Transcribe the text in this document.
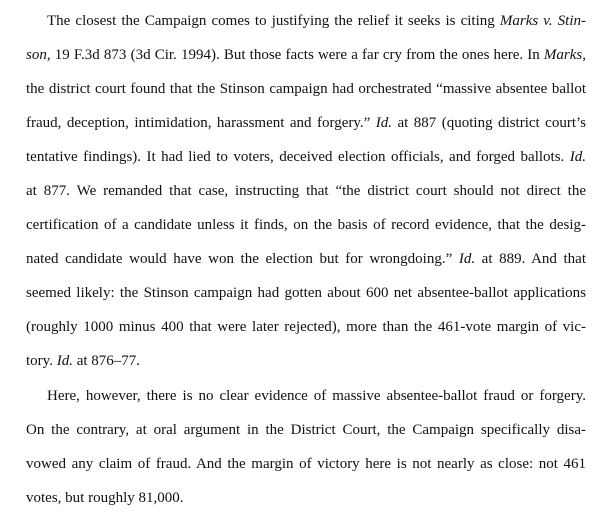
The closest the Campaign comes to justifying the relief it seeks is citing Marks v. Stin-
son, 19 F.3d 873 (3d Cir. 1994). But those facts were a far cry from the ones here. In Marks,
the district court found that the Stinson campaign had orchestrated “massive absentee ballot
fraud, deception, intimidation, harassment and forgery.” Id. at 887 (quoting district court’s
tentative findings). It had lied to voters, deceived election officials, and forged ballots. Id.
at 877. We remanded that case, instructing that “the district court should not direct the
certification of a candidate unless it finds, on the basis of record evidence, that the desig-
nated candidate would have won the election but for wrongdoing.” Id. at 889. And that
seemed likely: the Stinson campaign had gotten about 600 net absentee-ballot applications
(roughly 1000 minus 400 that were later rejected), more than the 461-vote margin of vic-
tory. Id. at 876–77.
Here, however, there is no clear evidence of massive absentee-ballot fraud or forgery.
On the contrary, at oral argument in the District Court, the Campaign specifically disa-
vowed any claim of fraud. And the margin of victory here is not nearly as close: not 461
votes, but roughly 81,000.
